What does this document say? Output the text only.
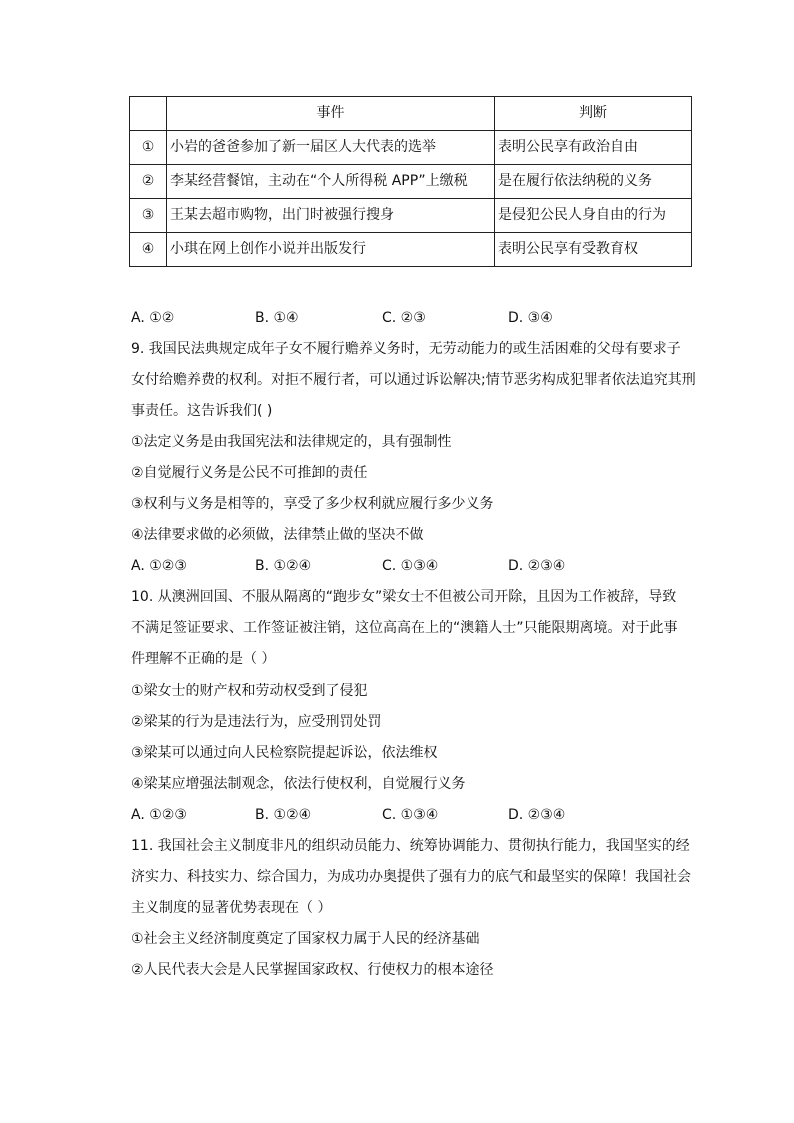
	事件	判断
①	小岩的爸爸参加了新一届区人大代表的选举	表明公民享有政治自由
②	李某经营餐馆，主动在“个人所得税 APP”上缴税	是在履行依法纳税的义务
③	王某去超市购物，出门时被强行搜身	是侵犯公民人身自由的行为
④	小琪在网上创作小说并出版发行	表明公民享有受教育权
A. ①②	B. ①④	C. ②③	D. ③④
9. 我国民法典规定成年子女不履行赡养义务时，无劳动能力的或生活困难的父母有要求子
女付给赡养费的权利。对拒不履行者，可以通过诉讼解决;情节恶劣构成犯罪者依法追究其刑
事责任。这告诉我们( )
①法定义务是由我国宪法和法律规定的，具有强制性
②自觉履行义务是公民不可推卸的责任
③权利与义务是相等的，享受了多少权利就应履行多少义务
④法律要求做的必须做，法律禁止做的坚决不做
A. ①②③	B. ①②④	C. ①③④	D. ②③④
10. 从澳洲回国、不服从隔离的“跑步女”梁女士不但被公司开除，且因为工作被辞，导致
不满足签证要求、工作签证被注销，这位高高在上的“澳籍人士”只能限期离境。对于此事
件理解不正确的是（ ）
①梁女士的财产权和劳动权受到了侵犯
②梁某的行为是违法行为，应受刑罚处罚
③梁某可以通过向人民检察院提起诉讼，依法维权
④梁某应增强法制观念，依法行使权利，自觉履行义务
A. ①②③	B. ①②④	C. ①③④	D. ②③④
11. 我国社会主义制度非凡的组织动员能力、统筹协调能力、贯彻执行能力，我国坚实的经
济实力、科技实力、综合国力，为成功办奥提供了强有力的底气和最坚实的保障！我国社会
主义制度的显著优势表现在（ ）
①社会主义经济制度奠定了国家权力属于人民的经济基础
②人民代表大会是人民掌握国家政权、行使权力的根本途径
